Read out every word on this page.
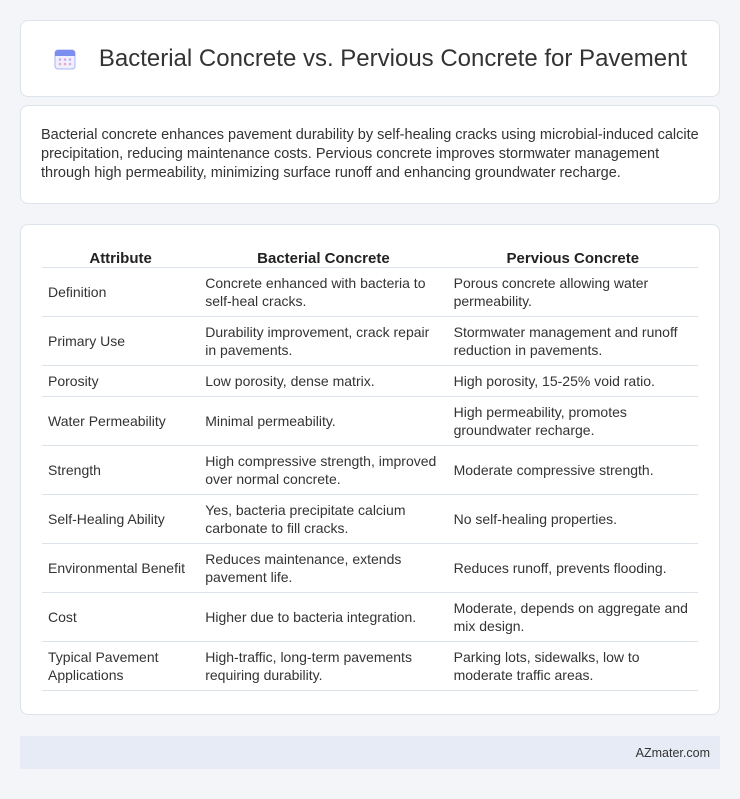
Bacterial Concrete vs. Pervious Concrete for Pavement

Bacterial concrete enhances pavement durability by self-healing cracks using microbial-induced calcite precipitation, reducing maintenance costs. Pervious concrete improves stormwater management through high permeability, minimizing surface runoff and enhancing groundwater recharge.

Attribute	Bacterial Concrete	Pervious Concrete
Definition	Concrete enhanced with bacteria to self-heal cracks.	Porous concrete allowing water permeability.
Primary Use	Durability improvement, crack repair in pavements.	Stormwater management and runoff reduction in pavements.
Porosity	Low porosity, dense matrix.	High porosity, 15-25% void ratio.
Water Permeability	Minimal permeability.	High permeability, promotes groundwater recharge.
Strength	High compressive strength, improved over normal concrete.	Moderate compressive strength.
Self-Healing Ability	Yes, bacteria precipitate calcium carbonate to fill cracks.	No self-healing properties.
Environmental Benefit	Reduces maintenance, extends pavement life.	Reduces runoff, prevents flooding.
Cost	Higher due to bacteria integration.	Moderate, depends on aggregate and mix design.
Typical Pavement Applications	High-traffic, long-term pavements requiring durability.	Parking lots, sidewalks, low to moderate traffic areas.
AZmater.com
